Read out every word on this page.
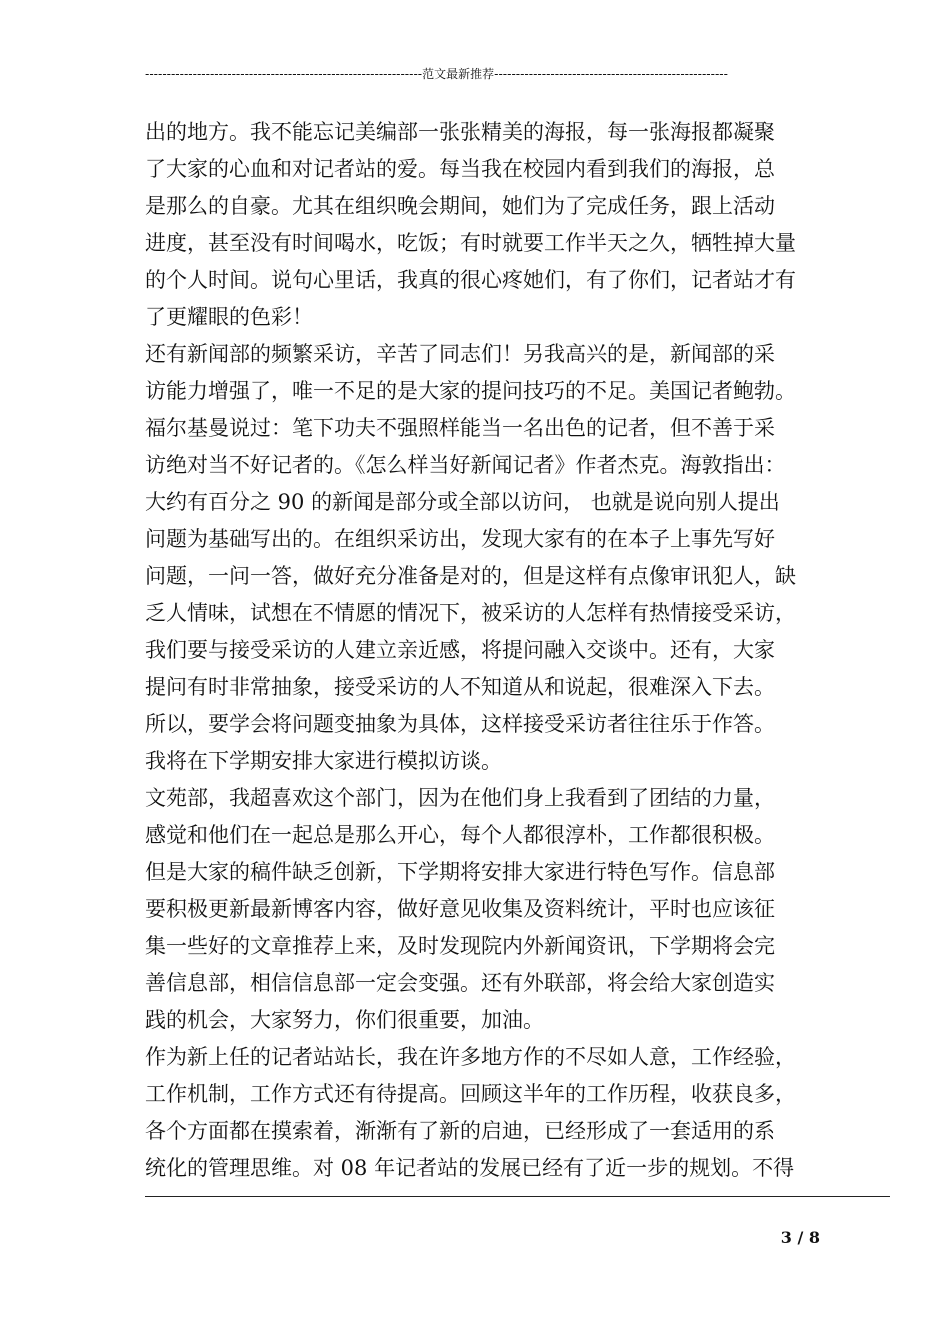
----------------------------------------------------------------范文最新推荐------------------------------------------------------
出的地方。我不能忘记美编部一张张精美的海报，每一张海报都凝聚
了大家的心血和对记者站的爱。每当我在校园内看到我们的海报，总
是那么的自豪。尤其在组织晚会期间，她们为了完成任务，跟上活动
进度，甚至没有时间喝水，吃饭；有时就要工作半天之久，牺牲掉大量
的个人时间。说句心里话，我真的很心疼她们，有了你们，记者站才有
了更耀眼的色彩！
还有新闻部的频繁采访，辛苦了同志们！另我高兴的是，新闻部的采
访能力增强了，唯一不足的是大家的提问技巧的不足。美国记者鲍勃。
福尔基曼说过：笔下功夫不强照样能当一名出色的记者，但不善于采
访绝对当不好记者的。《怎么样当好新闻记者》作者杰克。海敦指出：
大约有百分之 90 的新闻是部分或全部以访问， 也就是说向别人提出
问题为基础写出的。在组织采访出，发现大家有的在本子上事先写好
问题，一问一答，做好充分准备是对的，但是这样有点像审讯犯人，缺
乏人情味，试想在不情愿的情况下，被采访的人怎样有热情接受采访，
我们要与接受采访的人建立亲近感，将提问融入交谈中。还有，大家
提问有时非常抽象，接受采访的人不知道从和说起，很难深入下去。
所以，要学会将问题变抽象为具体，这样接受采访者往往乐于作答。
我将在下学期安排大家进行模拟访谈。
文苑部，我超喜欢这个部门，因为在他们身上我看到了团结的力量，
感觉和他们在一起总是那么开心，每个人都很淳朴，工作都很积极。
但是大家的稿件缺乏创新，下学期将安排大家进行特色写作。信息部
要积极更新最新博客内容，做好意见收集及资料统计，平时也应该征
集一些好的文章推荐上来，及时发现院内外新闻资讯，下学期将会完
善信息部，相信信息部一定会变强。还有外联部，将会给大家创造实
践的机会，大家努力，你们很重要，加油。
作为新上任的记者站站长，我在许多地方作的不尽如人意，工作经验，
工作机制，工作方式还有待提高。回顾这半年的工作历程，收获良多，
各个方面都在摸索着，渐渐有了新的启迪，已经形成了一套适用的系
统化的管理思维。对 08 年记者站的发展已经有了近一步的规划。不得
3 / 8
